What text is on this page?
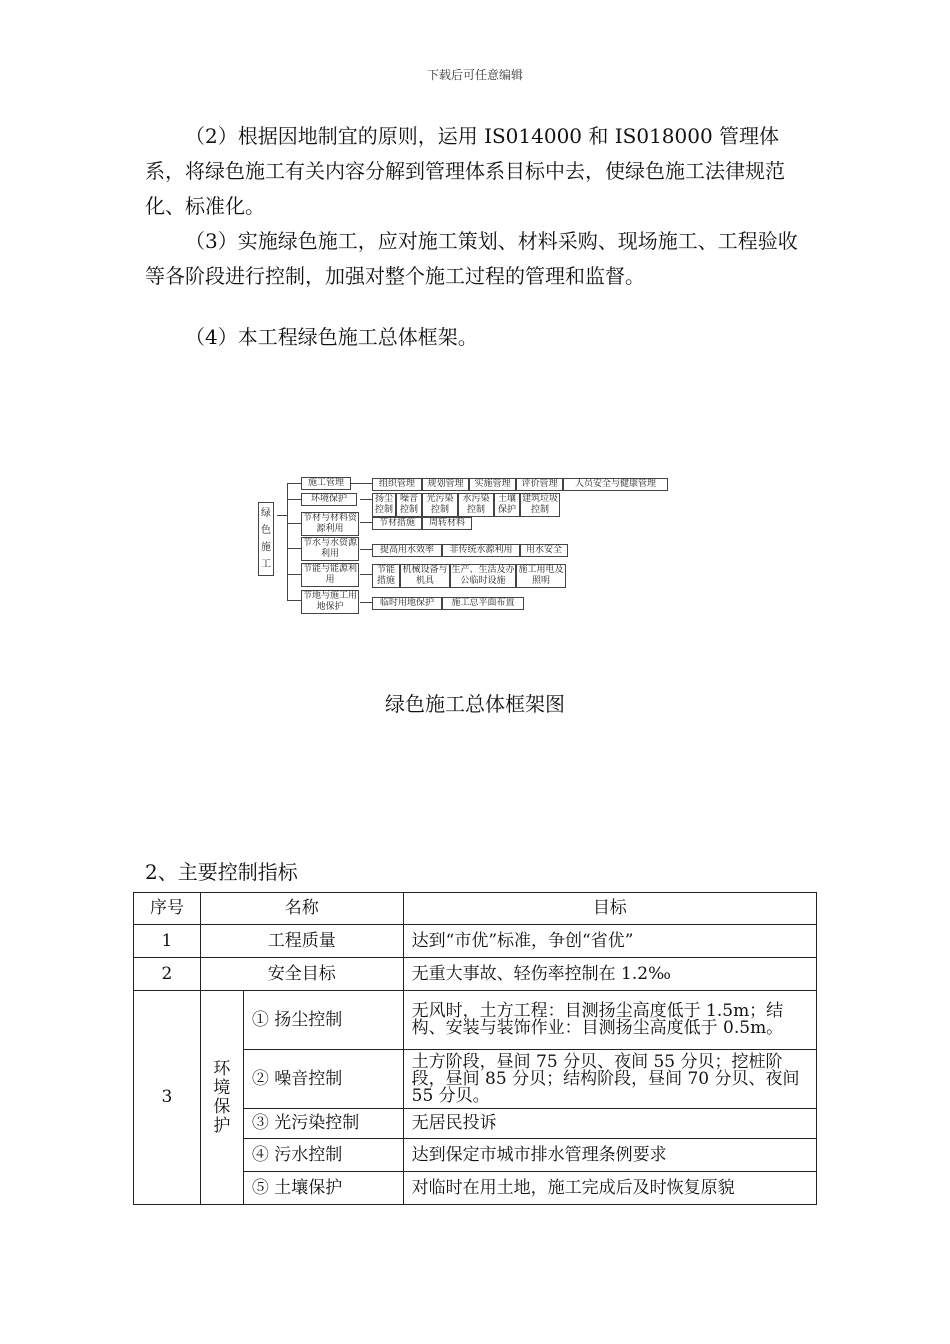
下载后可任意编辑

（2）根据因地制宜的原则，运用 IS014000 和 IS018000 管理体系，将绿色施工有关内容分解到管理体系目标中去，使绿色施工法律规范化、标准化。

（3）实施绿色施工，应对施工策划、材料采购、现场施工、工程验收等各阶段进行控制，加强对整个施工过程的管理和监督。

（4）本工程绿色施工总体框架。

绿色施工
施工管理
环境保护
节材与材料资源利用
节水与水资源利用
节能与能源利用
节地与施工用地保护
组织管理	规划管理	实施管理	评价管理	人员安全与健康管理
扬尘控制
噪音控制
光污染控制
水污染控制
土壤保护
建筑垃圾控制
节材措施	周转材料
提高用水效率	非传统水源利用	用水安全
节能措施
机械设备与机具
生产、生活及办公临时设施
施工用电及照明
临时用地保护	施工总平面布置
绿色施工总体框架图
2、主要控制指标
序号	名称		目标
1	工程质量		达到“市优”标准，争创“省优”
2	安全目标		无重大事故、轻伤率控制在 1.2‰
3	环境保护	① 扬尘控制	无风时，土方工程：目测扬尘高度低于 1.5m；结构、安装与装饰作业：目测扬尘高度低于 0.5m。
		② 噪音控制	土方阶段，昼间 75 分贝、夜间 55 分贝；挖桩阶段，昼间 85 分贝；结构阶段，昼间 70 分贝、夜间 55 分贝。
		③ 光污染控制	无居民投诉
		④ 污水控制	达到保定市城市排水管理条例要求
		⑤ 土壤保护	对临时在用土地，施工完成后及时恢复原貌
